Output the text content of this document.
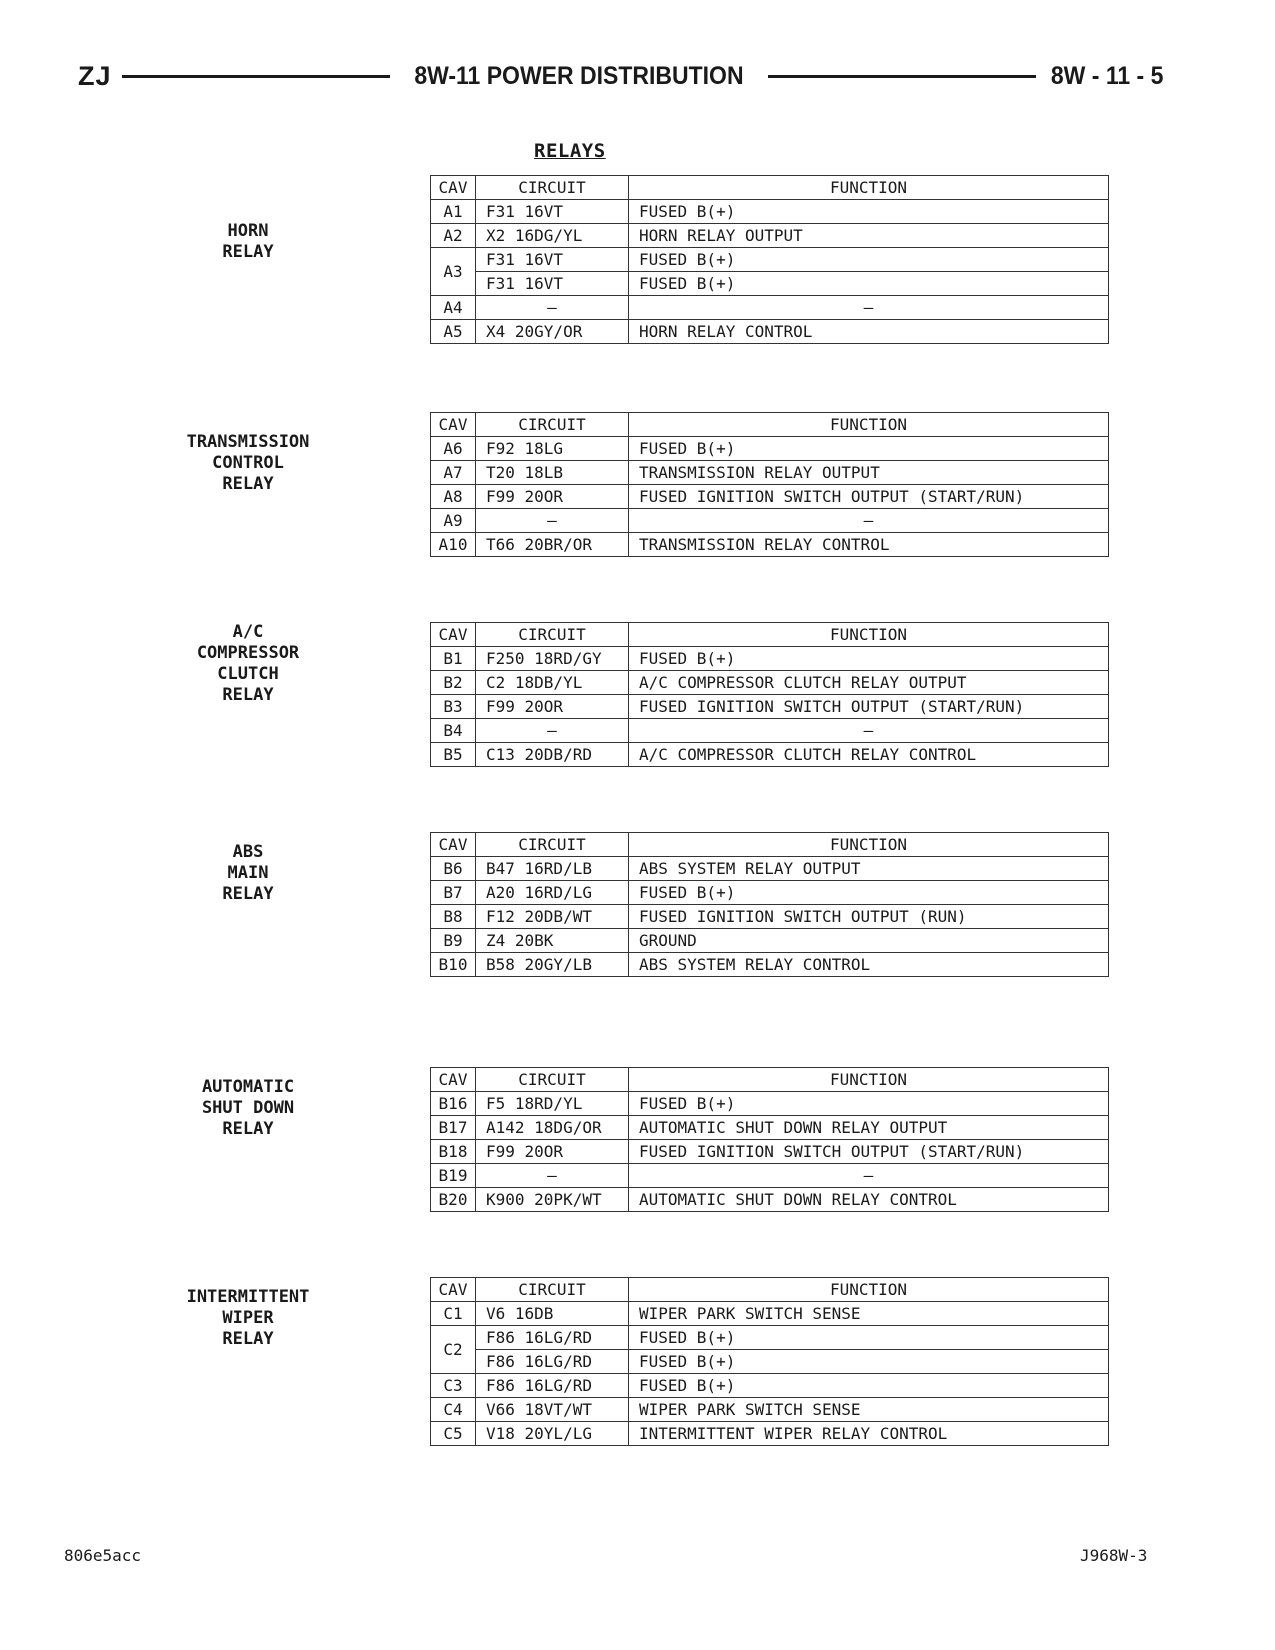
ZJ	8W-11 POWER DISTRIBUTION	8W - 11 - 5
RELAYS
HORN
RELAY
CAV	CIRCUIT	FUNCTION
A1	F31 16VT	FUSED B(+)
A2	X2 16DG/YL	HORN RELAY OUTPUT
A3	F31 16VT	FUSED B(+)
	F31 16VT	FUSED B(+)
A4	–	–
A5	X4 20GY/OR	HORN RELAY CONTROL
TRANSMISSION
CONTROL
RELAY
CAV	CIRCUIT	FUNCTION
A6	F92 18LG	FUSED B(+)
A7	T20 18LB	TRANSMISSION RELAY OUTPUT
A8	F99 20OR	FUSED IGNITION SWITCH OUTPUT (START/RUN)
A9	–	–
A10	T66 20BR/OR	TRANSMISSION RELAY CONTROL
A/C
COMPRESSOR
CLUTCH
RELAY
CAV	CIRCUIT	FUNCTION
B1	F250 18RD/GY	FUSED B(+)
B2	C2 18DB/YL	A/C COMPRESSOR CLUTCH RELAY OUTPUT
B3	F99 20OR	FUSED IGNITION SWITCH OUTPUT (START/RUN)
B4	–	–
B5	C13 20DB/RD	A/C COMPRESSOR CLUTCH RELAY CONTROL
ABS
MAIN
RELAY
CAV	CIRCUIT	FUNCTION
B6	B47 16RD/LB	ABS SYSTEM RELAY OUTPUT
B7	A20 16RD/LG	FUSED B(+)
B8	F12 20DB/WT	FUSED IGNITION SWITCH OUTPUT (RUN)
B9	Z4 20BK	GROUND
B10	B58 20GY/LB	ABS SYSTEM RELAY CONTROL
AUTOMATIC
SHUT DOWN
RELAY
CAV	CIRCUIT	FUNCTION
B16	F5 18RD/YL	FUSED B(+)
B17	A142 18DG/OR	AUTOMATIC SHUT DOWN RELAY OUTPUT
B18	F99 20OR	FUSED IGNITION SWITCH OUTPUT (START/RUN)
B19	–	–
B20	K900 20PK/WT	AUTOMATIC SHUT DOWN RELAY CONTROL
INTERMITTENT
WIPER
RELAY
CAV	CIRCUIT	FUNCTION
C1	V6 16DB	WIPER PARK SWITCH SENSE
C2	F86 16LG/RD	FUSED B(+)
	F86 16LG/RD	FUSED B(+)
C3	F86 16LG/RD	FUSED B(+)
C4	V66 18VT/WT	WIPER PARK SWITCH SENSE
C5	V18 20YL/LG	INTERMITTENT WIPER RELAY CONTROL
806e5acc	J968W-3
